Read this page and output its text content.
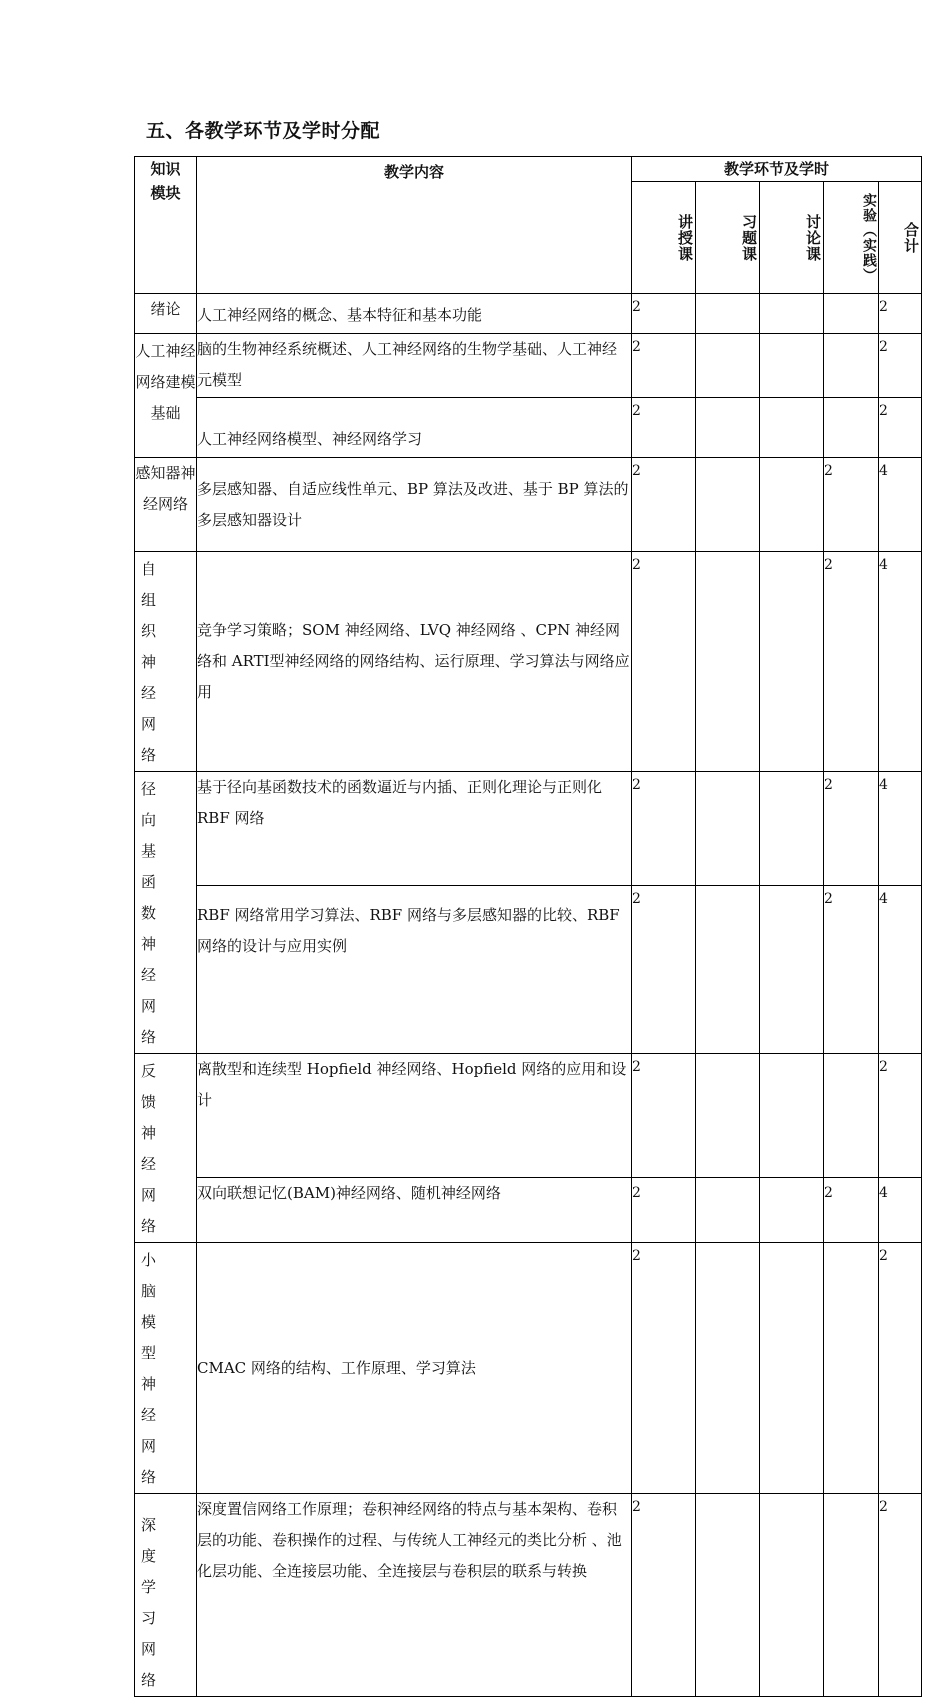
五、各教学环节及学时分配
知识模块	教学内容	教学环节及学时				
		讲授课	习题课	讨论课	实验（实践）	合计
绪论	人工神经网络的概念、基本特征和基本功能	2				2
人工神经网络建模基础	脑的生物神经系统概述、人工神经网络的生物学基础、人工神经元模型	2				2
	人工神经网络模型、神经网络学习	2				2
感知器神经网络	多层感知器、自适应线性单元、BP 算法及改进、基于 BP 算法的多层感知器设计	2			2	4

自组织神经网络	竞争学习策略；SOM 神经网络、LVQ 神经网络 、CPN 神经网络和 ARTⅠ型神经网络的网络结构、运行原理、学习算法与网络应用	2			2	4

径向基函数神经网络	基于径向基函数技术的函数逼近与内插、正则化理论与正则化 RBF 网络	2			2	4
	RBF 网络常用学习算法、RBF 网络与多层感知器的比较、RBF 网络的设计与应用实例	2			2	4

反馈神经网络	离散型和连续型 Hopfield 神经网络、Hopfield 网络的应用和设计	2				2
	双向联想记忆(BAM)神经网络、随机神经网络	2			2	4

小脑模型神经网络	CMAC 网络的结构、工作原理、学习算法	2				2

深度学习网络	深度置信网络工作原理；卷积神经网络的特点与基本架构、卷积层的功能、卷积操作的过程、与传统人工神经元的类比分析 、池化层功能、全连接层功能、全连接层与卷积层的联系与转换	2				2
